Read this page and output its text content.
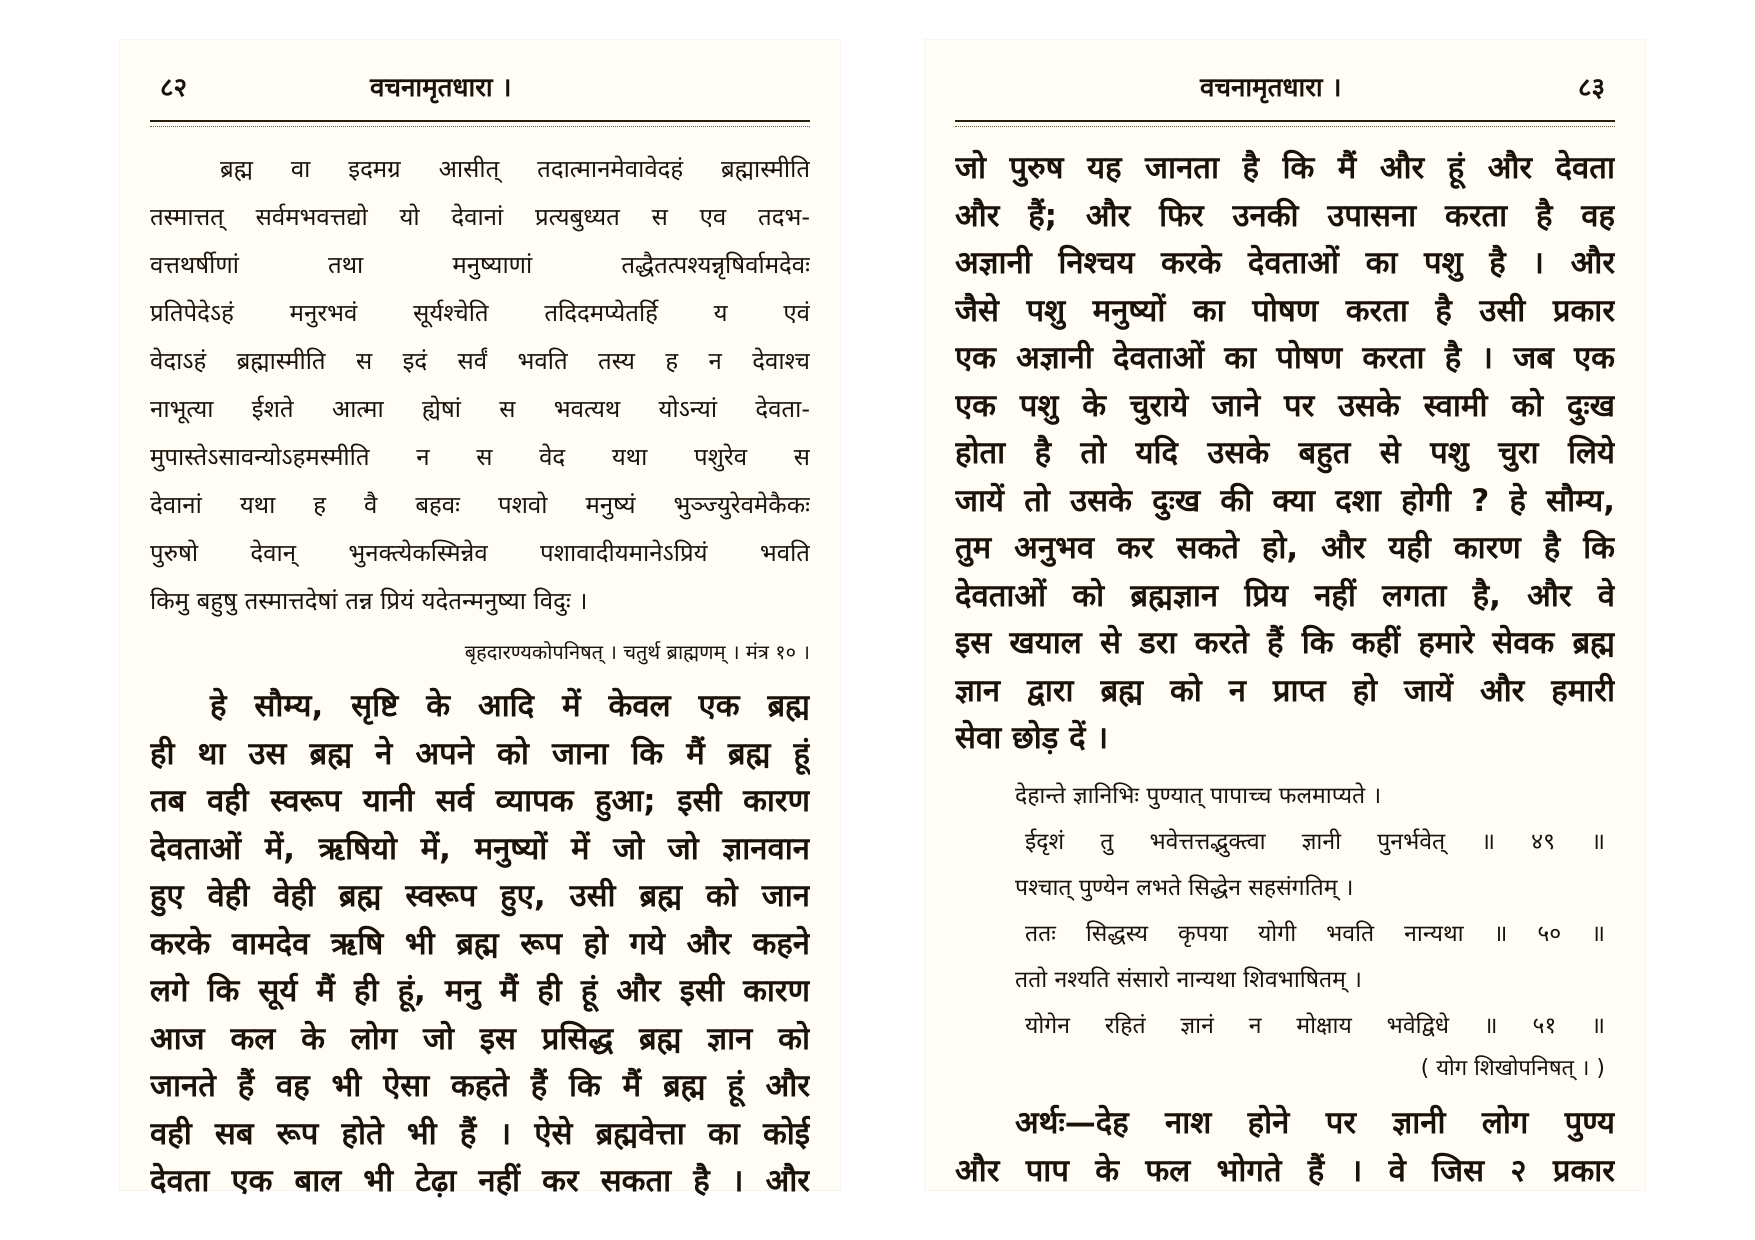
८२	वचनामृतधारा ।
ब्रह्म वा इदमग्र आसीत् तदात्मानमेवावेदहं ब्रह्मास्मीति
तस्मात्तत् सर्वमभवत्तद्यो यो देवानां प्रत्यबुध्यत स एव तदभ-
वत्तथर्षीणां तथा मनुष्याणां तद्धैतत्पश्यन्नृषिर्वामदेवः
प्रतिपेदेऽहं मनुरभवं सूर्यश्चेति तदिदमप्येतर्हि य एवं
वेदाऽहं ब्रह्मास्मीति स इदं सर्वं भवति तस्य ह न देवाश्च
नाभूत्या ईशते आत्मा ह्येषां स भवत्यथ योऽन्यां देवता-
मुपास्तेऽसावन्योऽहमस्मीति न स वेद यथा पशुरेव स
देवानां यथा ह वै बहवः पशवो मनुष्यं भुञ्ज्युरेवमेकैकः
पुरुषो देवान् भुनक्त्येकस्मिन्नेव पशावादीयमानेऽप्रियं भवति
किमु बहुषु तस्मात्तदेषां तन्न प्रियं यदेतन्मनुष्या विदुः ।
बृहदारण्यकोपनिषत् । चतुर्थ ब्राह्मणम् । मंत्र १० ।
हे सौम्य, सृष्टि के आदि में केवल एक ब्रह्म
ही था उस ब्रह्म ने अपने को जाना कि मैं ब्रह्म हूं
तब वही स्वरूप यानी सर्व व्यापक हुआ; इसी कारण
देवताओं में, ऋषियो में, मनुष्यों में जो जो ज्ञानवान
हुए वेही वेही ब्रह्म स्वरूप हुए, उसी ब्रह्म को जान
करके वामदेव ऋषि भी ब्रह्म रूप हो गये और कहने
लगे कि सूर्य मैं ही हूं, मनु मैं ही हूं और इसी कारण
आज कल के लोग जो इस प्रसिद्ध ब्रह्म ज्ञान को
जानते हैं वह भी ऐसा कहते हैं कि मैं ब्रह्म हूं और
वही सब रूप होते भी हैं । ऐसे ब्रह्मवेत्ता का कोई
देवता एक बाल भी टेढ़ा नहीं कर सकता है । और
वचनामृतधारा ।	८३
जो पुरुष यह जानता है कि मैं और हूं और देवता
और हैं; और फिर उनकी उपासना करता है वह
अज्ञानी निश्चय करके देवताओं का पशु है । और
जैसे पशु मनुष्यों का पोषण करता है उसी प्रकार
एक अज्ञानी देवताओं का पोषण करता है । जब एक
एक पशु के चुराये जाने पर उसके स्वामी को दुःख
होता है तो यदि उसके बहुत से पशु चुरा लिये
जायें तो उसके दुःख की क्या दशा होगी ? हे सौम्य,
तुम अनुभव कर सकते हो, और यही कारण है कि
देवताओं को ब्रह्मज्ञान प्रिय नहीं लगता है, और वे
इस खयाल से डरा करते हैं कि कहीं हमारे सेवक ब्रह्म
ज्ञान द्वारा ब्रह्म को न प्राप्त हो जायें और हमारी
सेवा छोड़ दें ।
देहान्ते ज्ञानिभिः पुण्यात् पापाच्च फलमाप्यते ।
ईदृशं तु भवेत्तत्तद्भुक्त्वा ज्ञानी पुनर्भवेत् ॥ ४९ ॥
पश्चात् पुण्येन लभते सिद्धेन सहसंगतिम् ।
ततः सिद्धस्य कृपया योगी भवति नान्यथा ॥ ५० ॥
ततो नश्यति संसारो नान्यथा शिवभाषितम् ।
योगेन रहितं ज्ञानं न मोक्षाय भवेद्विधे ॥ ५१ ॥
( योग शिखोपनिषत् । )
अर्थः—देह नाश होने पर ज्ञानी लोग पुण्य
और पाप के फल भोगते हैं । वे जिस २ प्रकार
